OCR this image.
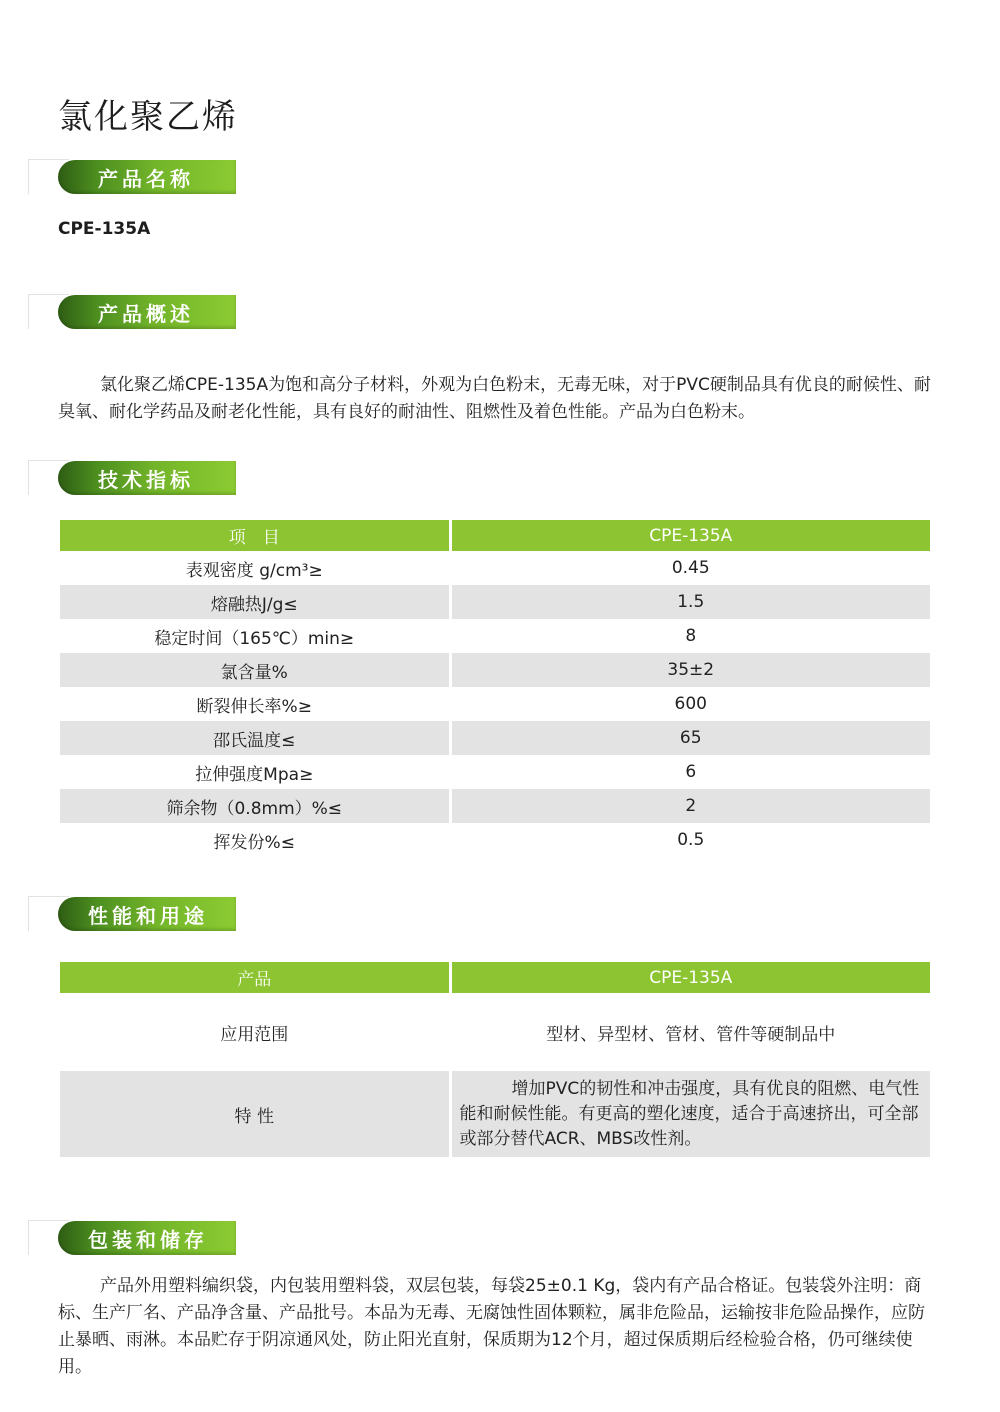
氯化聚乙烯
产品名称
CPE-135A
产品概述

氯化聚乙烯CPE-135A为饱和高分子材料，外观为白色粉末，无毒无味，对于PVC硬制品具有优良的耐候性、耐臭氧、耐化学药品及耐老化性能，具有良好的耐油性、阻燃性及着色性能。产品为白色粉末。

技术指标
项　目	CPE-135A
表观密度 g/cm³≥	0.45
熔融热J/g≤	1.5
稳定时间（165℃）min≥	8
氯含量%	35±2
断裂伸长率%≥	600
邵氏温度≤	65
拉伸强度Mpa≥	6
筛余物（0.8mm）%≤	2
挥发份%≤	0.5
性能和用途
产品	CPE-135A
应用范围	型材、异型材、管材、管件等硬制品中
特 性	增加PVC的韧性和冲击强度，具有优良的阻燃、电气性能和耐候性能。有更高的塑化速度，适合于高速挤出，可全部或部分替代ACR、MBS改性剂。
包装和储存

产品外用塑料编织袋，内包装用塑料袋，双层包装，每袋25±0.1 Kg，袋内有产品合格证。包装袋外注明：商标、生产厂名、产品净含量、产品批号。本品为无毒、无腐蚀性固体颗粒，属非危险品，运输按非危险品操作，应防止暴晒、雨淋。本品贮存于阴凉通风处，防止阳光直射，保质期为12个月，超过保质期后经检验合格，仍可继续使用。
